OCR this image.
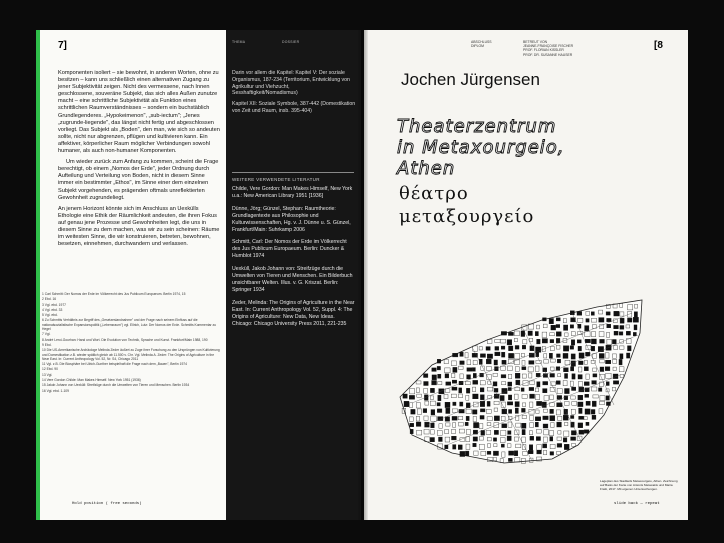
7]

Komponenten isoliert – sie bewohnt, in anderen Worten, ohne zu besitzen – kann uns schließlich einen alternativen Zugang zu jener Subjektivität zeigen. Nicht des vermessene, nach Innen geschlossene, souveräne Subjekt, das sich alles Außen zunutze macht – eine schrittliche Subjektivität als Funktion eines schrittlichen Raumverständnisses – sondern ein buchstäblich Grundlegenderes. „Hypokeimenon", „sub-iectum"; „Jenes „zugrunde-liegende", das längst nicht fertig und abgeschlossen vorliegt. Das Subjekt als „Boden", den man, wie sich so andeuten sollte, nicht nur abgrenzen, pflügen und kultivieren kann. Ein affektiver, körperlicher Raum möglicher Verbindungen sowohl humaner, als auch non-humaner Komponenten.

Um wieder zurück zum Anfang zu kommen, scheint die Frage berechtigt, ob einem „Nomos der Erde", jeder Ordnung durch Aufteilung und Verteilung von Boden, nicht in diesem Sinne immer ein bestimmter „Ethos", im Sinne einer dem einzelnen Subjekt vorgehenden, es prägenden oftmals unreflektierten Gewohnheit zugrundeliegt.

An jenem Horizont könnte sich im Anschluss an Uexkülls Ethologie eine Ethik der Räumlichkeit andeuten, die ihren Fokus auf genau jene Prozesse und Gewohnheiten legt, die uns in diesem Sinne zu dem machen, was wir zu sein scheinen: Räume im weitesten Sinne, die wir konstruieren, betreten, bewohnen, besetzen, einnehmen, durchwandern und verlassen.

1 Carl Schmitt: Der Nomos der Erde im Völkerrecht des Jus Publicum Europaeum. Berlin 1974, 15
2 Ebd. 16
3 Vgl. ebd. 1977
4 Vgl. ebd. 33
5 Vgl. ebd.
6 Zu Schmitts Verhältnis zur Begriff des „Gesetzeslandnahme" und der Frage nach seinem Einfluss auf die nationalsozialistische Expansionspolitik („Lebensraum") vgl. Ellrich, Lutz: Der Nomos der Erde. Schmitts Kommentar zu Hegel
7 Vgl.
8 André Leroi-Gourhan: Hand und Wort. Die Evolution von Technik, Sprache und Kunst. Frankfurt/Main 1988, 190
9 Ebd.
10 Die US-Amerikanische Archäologe Melinda Zeder äußert zu Zuge ihrer Forschung zu den Ursprüngen von Kultivierung und Domestikation z.B. wieder spätlich gleich ab 11.500 v. Chr. Vgl. Melinda A. Zeder: The Origins of Agriculture in the Near East. In: Current Anthropology Vol. 52, Nr. S4, Chicago 2011
11 Vgl. z.B. Die Biosphäre bei Ulrich-Gunther beispielhaft die Frage nach dem „Bauen", Berlin 1974
12 Ebd. 90
13 Vgl.
14 Vere Gordon Childe: Man Makes Himself. New York 1951 (1936)
15 Jakob Johann von Uexküll: Streifzüge durch die Umwelten von Tieren und Menschen. Berlin 1934
16 Vgl. ebd. 1-109
Hold position ( free seconds)
THEMA	DOSSIER

Darin vor allem die Kapitel: Kapitel V: Der soziale Organismus, 187-234 (Territorium, Entwicklung von Agrikultur und Viehzucht, Sesshaftigkeit/Nomadismus)

Kapitel XII: Soziale Symbole, 387-442 (Domestikation von Zeit und Raum, insb. 395-404)

WEITERE VERWENDETE LITERATUR

Childe, Vere Gordon: Man Makes Himself, New York u.a.: New American Library 1951 [1936]

Dünne, Jörg; Günzel, Stephan: Raumtheorie: Grundlagentexte aus Philosophie und Kulturwissenschaften, Hg. v. J. Dünne u. S. Günzel, Frankfurt/Main: Suhrkamp 2006

Schmitt, Carl: Der Nomos der Erde im Völkerrecht des Jus Publicum Europaeum. Berlin: Duncker & Humblot 1974

Uexküll, Jakob Johann von: Streifzüge durch die Umwelten von Tieren und Menschen. Ein Bilderbuch unsichtbarer Welten. Illus. v. G. Kriszat. Berlin: Springer 1934

Zeder, Melinda: The Origins of Agriculture in the Near East. In: Current Anthropology Vol. 52, Suppl. 4: The Origins of Agriculture: New Data, New Ideas. Chicago: Chicago University Press 2011, 221-235

[8
ABSCHLUSS
DIPLOM
BETREUT VON
JEANNE-FRANÇOISE FISCHER
PROF. FLORIAN KISSLER
PROF. DR. SUSANNE HAUSER
Jochen Jürgensen
Theaterzentrum
in Metaxourgeio,
Athen
θέατρο
μεταξουργείο
Lageplan des Stadtteils Metaxourgeio, Athen. Zeichnung auf Basis der Karte von Antonis Metaxakis und Maria Fratti, 2017. Mit eigenen Untersuchungen.
slide back — repeat
